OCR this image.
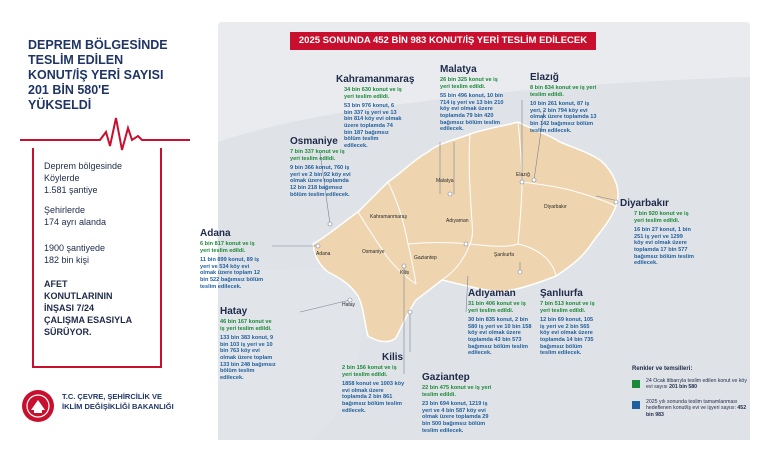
DEPREM BÖLGESİNDE
TESLİM EDİLEN
KONUT/İŞ YERİ SAYISI
201 BİN 580'E
YÜKSELDİ
Deprem bölgesinde
Köylerde
1.581 şantiye
Şehirlerde
174 ayrı alanda
1900 şantiyede
182 bin kişi
AFET
KONUTLARININ
İNŞASI 7/24
ÇALIŞMA ESASIYLA
SÜRÜYOR.
T.C. ÇEVRE, ŞEHİRCİLİK VE
İKLİM DEĞİŞİKLİĞİ BAKANLIĞI
2025 SONUNDA 452 BİN 983 KONUT/İŞ YERİ TESLİM EDİLECEK
Malatya
Elazığ
Diyarbakır
Kahramanmaraş
Adıyaman
Osmaniye
Adana
Gaziantep
Kilis
Şanlıurfa
Hatay
Kahramanmaraş
34 bin 630 konut ve iş yeri teslim edildi.
53 bin 976 konut, 6 bin 337 iş yeri ve 13 bin 814 köy evi olmak üzere toplamda 74 bin 187 bağımsız bölüm teslim edilecek.
Malatya
26 bin 325 konut ve iş yeri teslim edildi.
55 bin 496 konut, 10 bin 714 iş yeri ve 13 bin 210 köy evi olmak üzere toplamda 79 bin 420 bağımsız bölüm teslim edilecek.
Elazığ
8 bin 834 konut ve iş yeri teslim edildi.
10 bin 261 konut, 87 iş yeri, 2 bin 794 köy evi olmak üzere toplamda 13 bin 142 bağımsız bölüm teslim edilecek.
Osmaniye
7 bin 337 konut ve iş yeri teslim edildi.
9 bin 366 konut, 760 iş yeri ve 2 bin 92 köy evi olmak üzere toplamda 12 bin 218 bağımsız bölüm teslim edilecek.
Diyarbakır
7 bin 920 konut ve iş yeri teslim edildi.
16 bin 27 konut, 1 bin 251 iş yeri ve 1299 köy evi olmak üzere toplamda 17 bin 577 bağımsız bölüm teslim edilecek.
Adana
6 bin 817 konut ve iş yeri teslim edildi.
11 bin 899 konut, 89 iş yeri ve 534 köy evi olmak üzere toplam 12 bin 522 bağımsız bölüm teslim edilecek.
Hatay
46 bin 167 konut ve iş yeri teslim edildi.
133 bin 383 konut, 9 bin 103 iş yeri ve 10 bin 763 köy evi olmak üzere toplam 133 bin 248 bağımsız bölüm teslim edilecek.
Adıyaman
31 bin 406 konut ve iş yeri teslim edildi.
30 bin 835 konut, 2 bin 580 iş yeri ve 10 bin 158 köy evi olmak üzere toplamda 43 bin 573 bağımsız bölüm teslim edilecek.
Şanlıurfa
7 bin 513 konut ve iş yeri teslim edildi.
12 bin 69 konut, 105 iş yeri ve 2 bin 565 köy evi olmak üzere toplamda 14 bin 735 bağımsız bölüm teslim edilecek.
Kilis
2 bin 156 konut ve iş yeri teslim edildi.
1858 konut ve 1003 köy evi olmak üzere toplamda 2 bin 861 bağımsız bölüm teslim edilecek.
Gaziantep
22 bin 475 konut ve iş yeri teslim edildi.
23 bin 694 konut, 1219 iş yeri ve 4 bin 587 köy evi olmak üzere toplamda 29 bin 500 bağımsız bölüm teslim edilecek.
Renkler ve temsilleri:
24 Ocak itibarıyla teslim edilen konut ve köy evi sayısı 201 bin 580
2025 yılı sonunda teslim tamamlanması hedeflenen konut/iş evi ve işyeri sayısı: 452 bin 983
